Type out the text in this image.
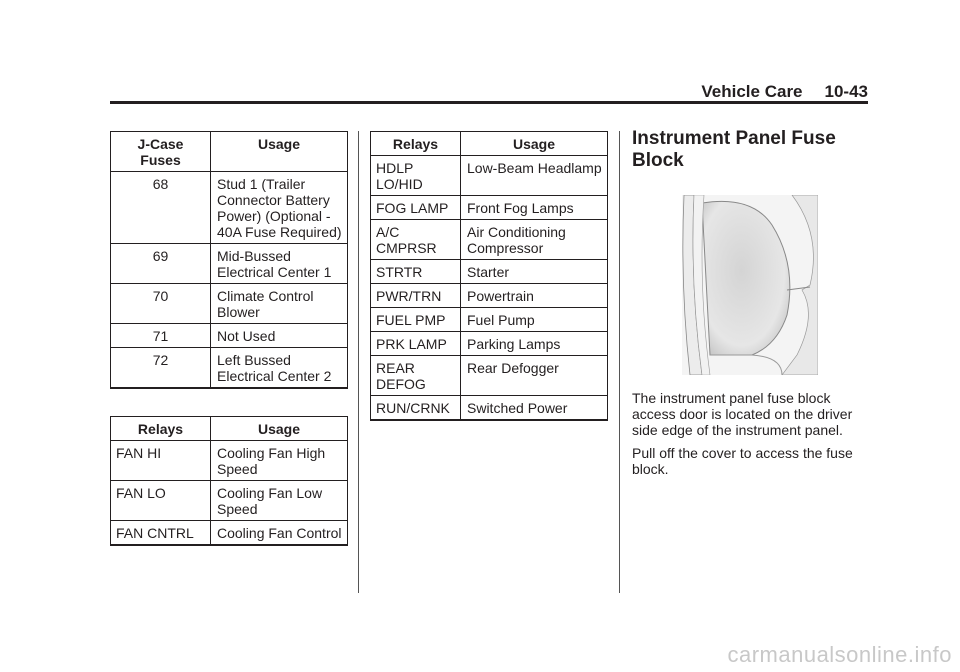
Vehicle Care 10-43
J-Case Fuses	Usage
68	Stud 1 (Trailer Connector Battery Power) (Optional - 40A Fuse Required)
69	Mid-Bussed Electrical Center 1
70	Climate Control Blower
71	Not Used
72	Left Bussed Electrical Center 2
Relays	Usage
FAN HI	Cooling Fan High Speed
FAN LO	Cooling Fan Low Speed
FAN CNTRL	Cooling Fan Control
Relays	Usage
HDLP LO/HID	Low-Beam Headlamp
FOG LAMP	Front Fog Lamps
A/C CMPRSR	Air Conditioning Compressor
STRTR	Starter
PWR/TRN	Powertrain
FUEL PMP	Fuel Pump
PRK LAMP	Parking Lamps
REAR DEFOG	Rear Defogger
RUN/CRNK	Switched Power
Instrument Panel Fuse Block

The instrument panel fuse block access door is located on the driver side edge of the instrument panel.

Pull off the cover to access the fuse block.

carmanualsonline.info
